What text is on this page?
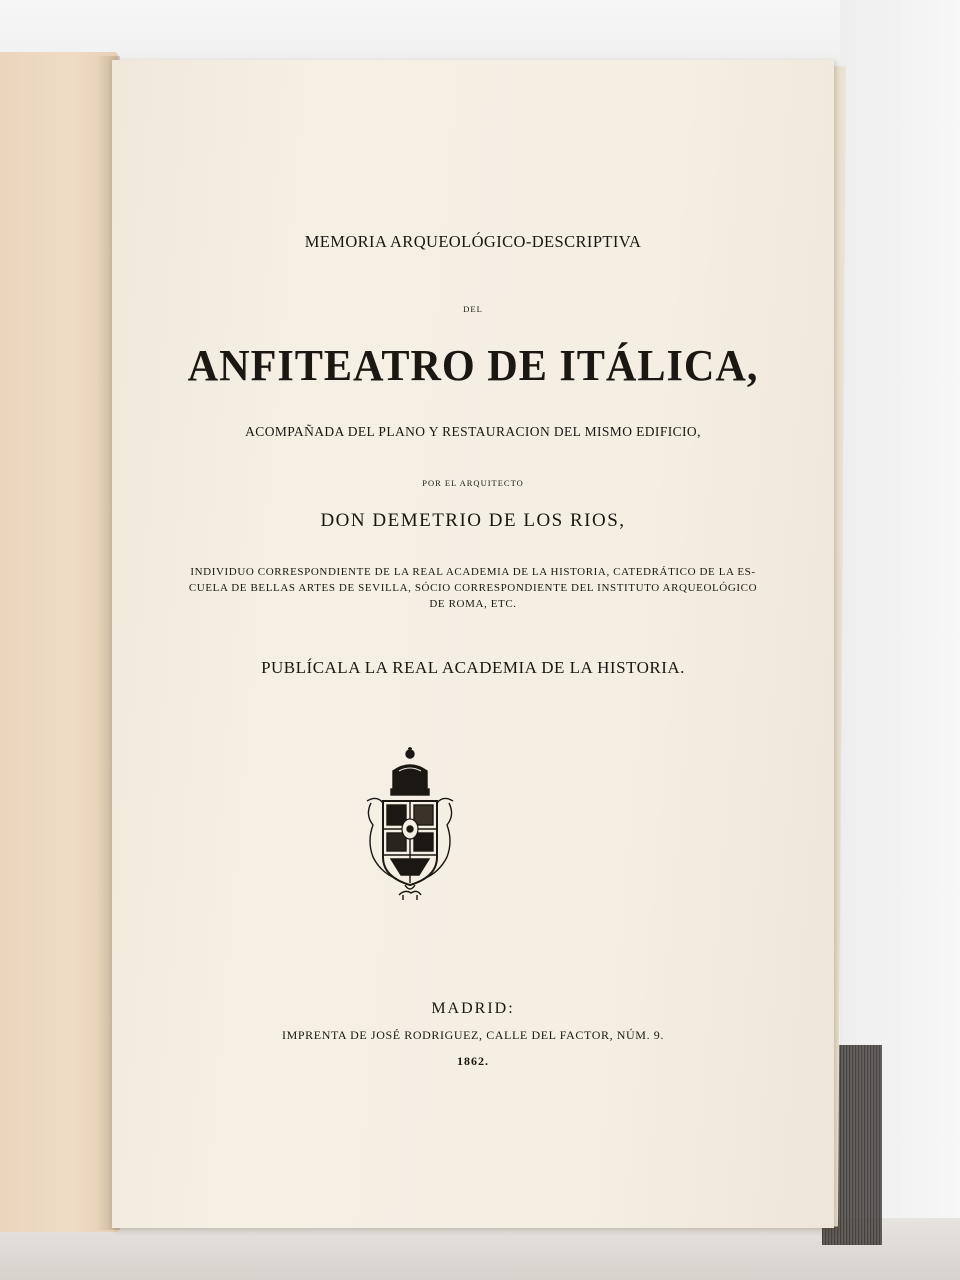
MEMORIA ARQUEOLÓGICO-DESCRIPTIVA

DEL

ANFITEATRO DE ITÁLICA,

ACOMPAÑADA DEL PLANO Y RESTAURACION DEL MISMO EDIFICIO,

POR EL ARQUITECTO

DON DEMETRIO DE LOS RIOS,

INDIVIDUO CORRESPONDIENTE DE LA REAL ACADEMIA DE LA HISTORIA, CATEDRÁTICO DE LA ES-
CUELA DE BELLAS ARTES DE SEVILLA, SÓCIO CORRESPONDIENTE DEL INSTITUTO ARQUEOLÓGICO
DE ROMA, ETC.

PUBLÍCALA LA REAL ACADEMIA DE LA HISTORIA.

MADRID:

IMPRENTA DE JOSÉ RODRIGUEZ, CALLE DEL FACTOR, NÚM. 9.

1862.
